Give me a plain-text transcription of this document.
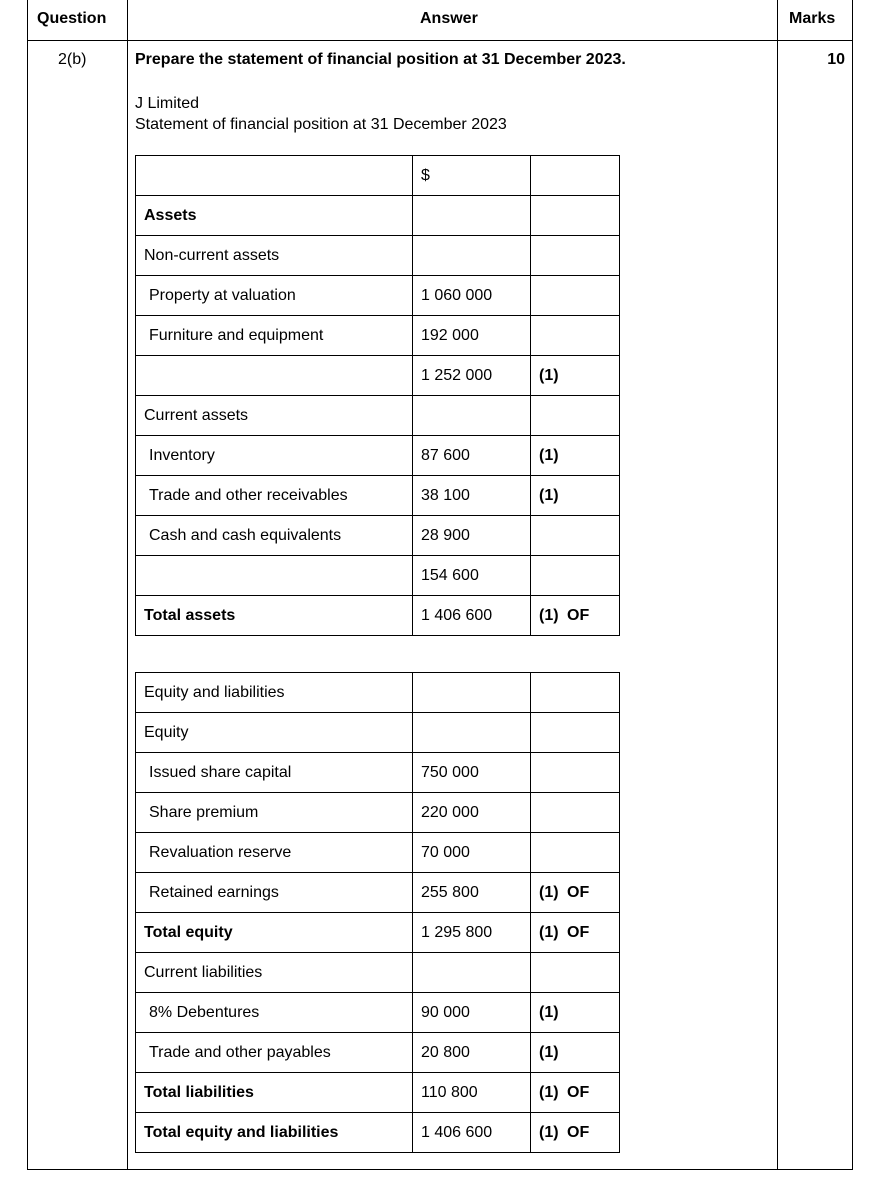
Question	Answer	Marks
2(b)	Prepare the statement of financial position at 31 December 2023.	10
J Limited
Statement of financial position at 31 December 2023
	$	
Assets		
Non-current assets		
Property at valuation	1 060 000	
Furniture and equipment	192 000	
	1 252 000	(1)
Current assets		
Inventory	87 600	(1)
Trade and other receivables	38 100	(1)
Cash and cash equivalents	28 900	
	154 600	
Total assets	1 406 600	(1) OF
Equity and liabilities		
Equity		
Issued share capital	750 000	
Share premium	220 000	
Revaluation reserve	70 000	
Retained earnings	255 800	(1) OF
Total equity	1 295 800	(1) OF
Current liabilities		
8% Debentures	90 000	(1)
Trade and other payables	20 800	(1)
Total liabilities	110 800	(1) OF
Total equity and liabilities	1 406 600	(1) OF
